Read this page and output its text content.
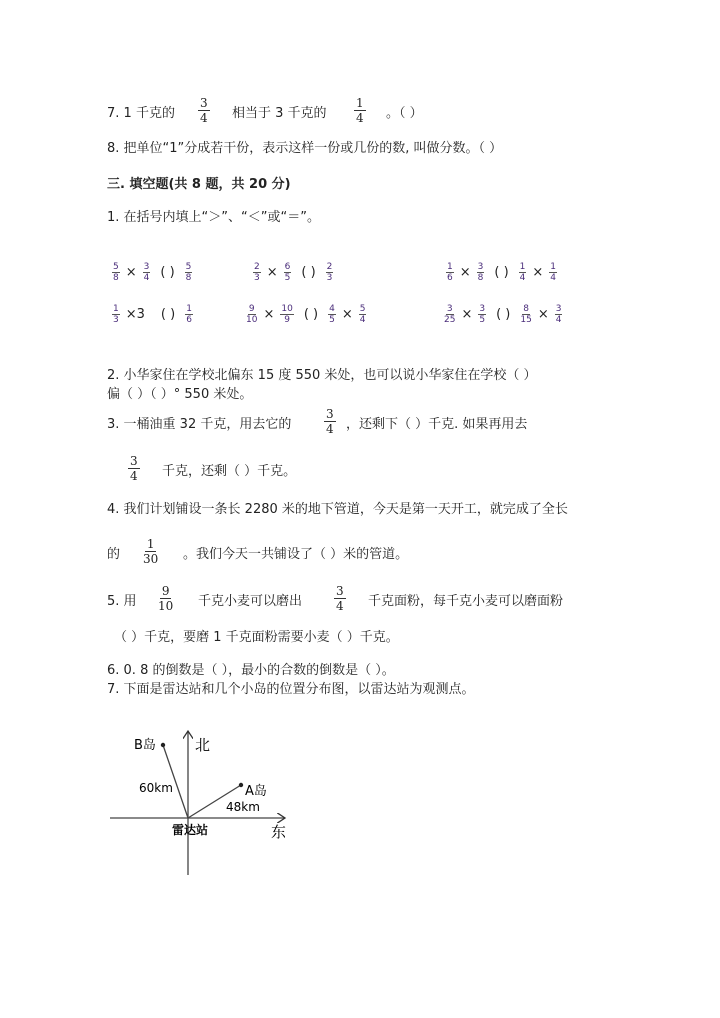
7. 1 千克的 $\frac{3}{4}$ 相当于 3 千克的 $\frac{1}{4}$ 。（ ）
8. 把单位“1”分成若干份，表示这样一份或几份的数, 叫做分数。（ ）
三. 填空题(共 8 题，共 20 分)
1. 在括号内填上“＞”、“＜”或“＝”。
$\frac{5}{8} \times \frac{3}{4}$ ( ) $\frac{5}{8}$	$\frac{2}{3} \times \frac{6}{5}$ ( ) $\frac{2}{3}$	$\frac{1}{6} \times \frac{3}{8}$ ( ) $\frac{1}{4} \times \frac{1}{4}$
$\frac{1}{3} \times 3$ ( ) $\frac{1}{6}$	$\frac{9}{10} \times \frac{10}{9}$ ( ) $\frac{4}{5} \times \frac{5}{4}$	$\frac{3}{25} \times \frac{3}{5}$ ( ) $\frac{8}{15} \times \frac{3}{4}$
2. 小华家住在学校北偏东 15 度 550 米处，也可以说小华家住在学校（ ）
偏（ ）（ ）° 550 米处。
3. 一桶油重 32 千克，用去它的	$\frac{3}{4}$ ，还剩下（ ）千克. 如果再用去
$\frac{3}{4}$ 千克，还剩（ ）千克。
4. 我们计划铺设一条长 2280 米的地下管道，今天是第一天开工，就完成了全长
的 $\frac{1}{30}$ 。我们今天一共铺设了（ ）米的管道。
5. 用 $\frac{9}{10}$ 千克小麦可以磨出	$\frac{3}{4}$ 千克面粉，每千克小麦可以磨面粉
（ ）千克，要磨 1 千克面粉需要小麦（ ）千克。
6. 0. 8 的倒数是（ ），最小的合数的倒数是（ ）。
7. 下面是雷达站和几个小岛的位置分布图，以雷达站为观测点。
B岛	北
60km	A岛
48km
雷达站	东
